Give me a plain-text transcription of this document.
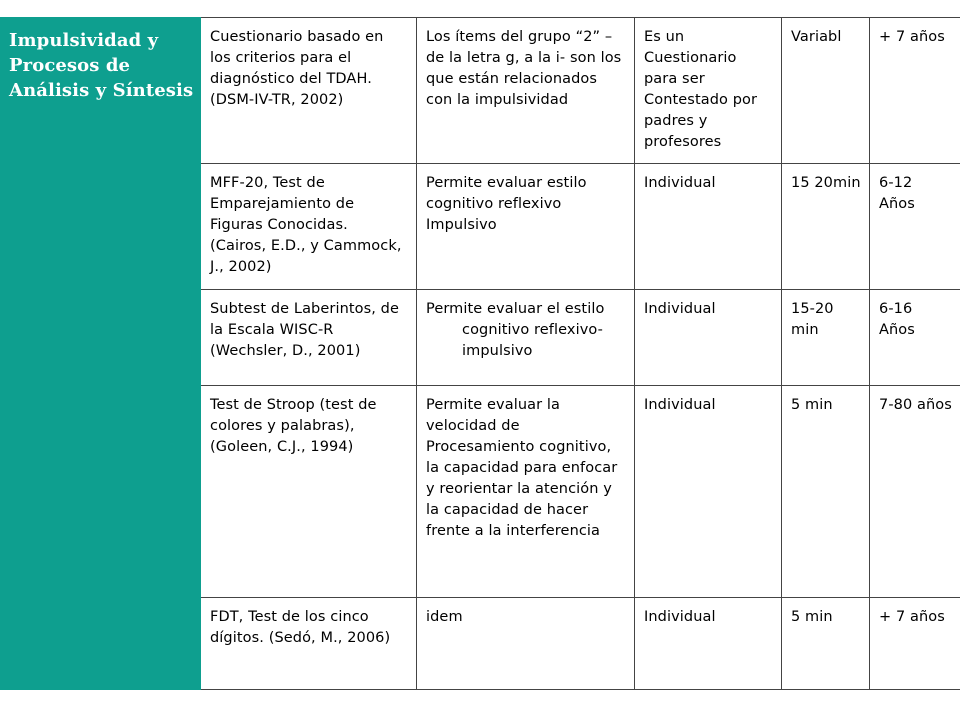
Impulsividad y Procesos de Análisis y Síntesis	Cuestionario basado en los criterios para el diagnóstico del TDAH. (DSM-IV-TR, 2002)	Los ítems del grupo “2” –de la letra g, a la i- son los que están relacionados con la impulsividad	Es un Cuestionario para ser Contestado por padres y profesores	Variabl	+ 7 años
	MFF-20, Test de Emparejamiento de Figuras Conocidas. (Cairos, E.D., y Cammock, J., 2002)	Permite evaluar estilo cognitivo reflexivo Impulsivo	Individual	15 20min	6-12 Años
	Subtest de Laberintos, de la Escala WISC-R (Wechsler, D., 2001)	Permite evaluar el estilo cognitivo reflexivo-impulsivo	Individual	15-20 min	6-16 Años
	Test de Stroop (test de colores y palabras), (Goleen, C.J., 1994)	Permite evaluar la velocidad de Procesamiento cognitivo, la capacidad para enfocar y reorientar la atención y la capacidad de hacer frente a la interferencia	Individual	5 min	7-80 años
	FDT, Test de los cinco dígitos. (Sedó, M., 2006)	idem	Individual	5 min	+ 7 años
